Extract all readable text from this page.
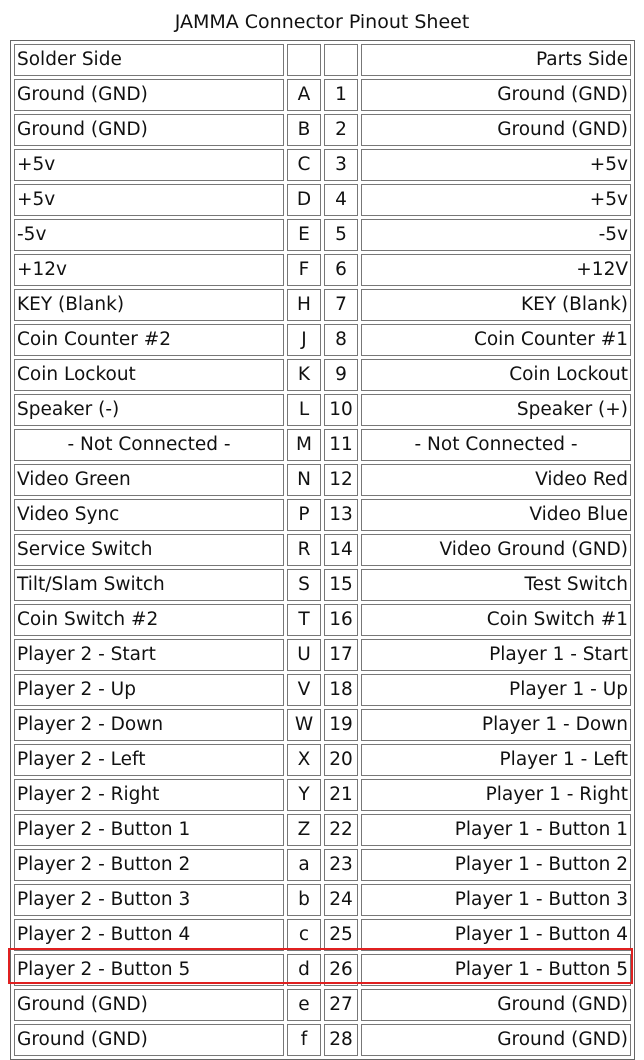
JAMMA Connector Pinout Sheet
Solder Side			Parts Side
Ground (GND)	A	1	Ground (GND)
Ground (GND)	B	2	Ground (GND)
+5v	C	3	+5v
+5v	D	4	+5v
-5v	E	5	-5v
+12v	F	6	+12V
KEY (Blank)	H	7	KEY (Blank)
Coin Counter #2	J	8	Coin Counter #1
Coin Lockout	K	9	Coin Lockout
Speaker (-)	L	10	Speaker (+)
- Not Connected -	M	11	- Not Connected -
Video Green	N	12	Video Red
Video Sync	P	13	Video Blue
Service Switch	R	14	Video Ground (GND)
Tilt/Slam Switch	S	15	Test Switch
Coin Switch #2	T	16	Coin Switch #1
Player 2 - Start	U	17	Player 1 - Start
Player 2 - Up	V	18	Player 1 - Up
Player 2 - Down	W	19	Player 1 - Down
Player 2 - Left	X	20	Player 1 - Left
Player 2 - Right	Y	21	Player 1 - Right
Player 2 - Button 1	Z	22	Player 1 - Button 1
Player 2 - Button 2	a	23	Player 1 - Button 2
Player 2 - Button 3	b	24	Player 1 - Button 3
Player 2 - Button 4	c	25	Player 1 - Button 4
Player 2 - Button 5	d	26	Player 1 - Button 5
Ground (GND)	e	27	Ground (GND)
Ground (GND)	f	28	Ground (GND)
